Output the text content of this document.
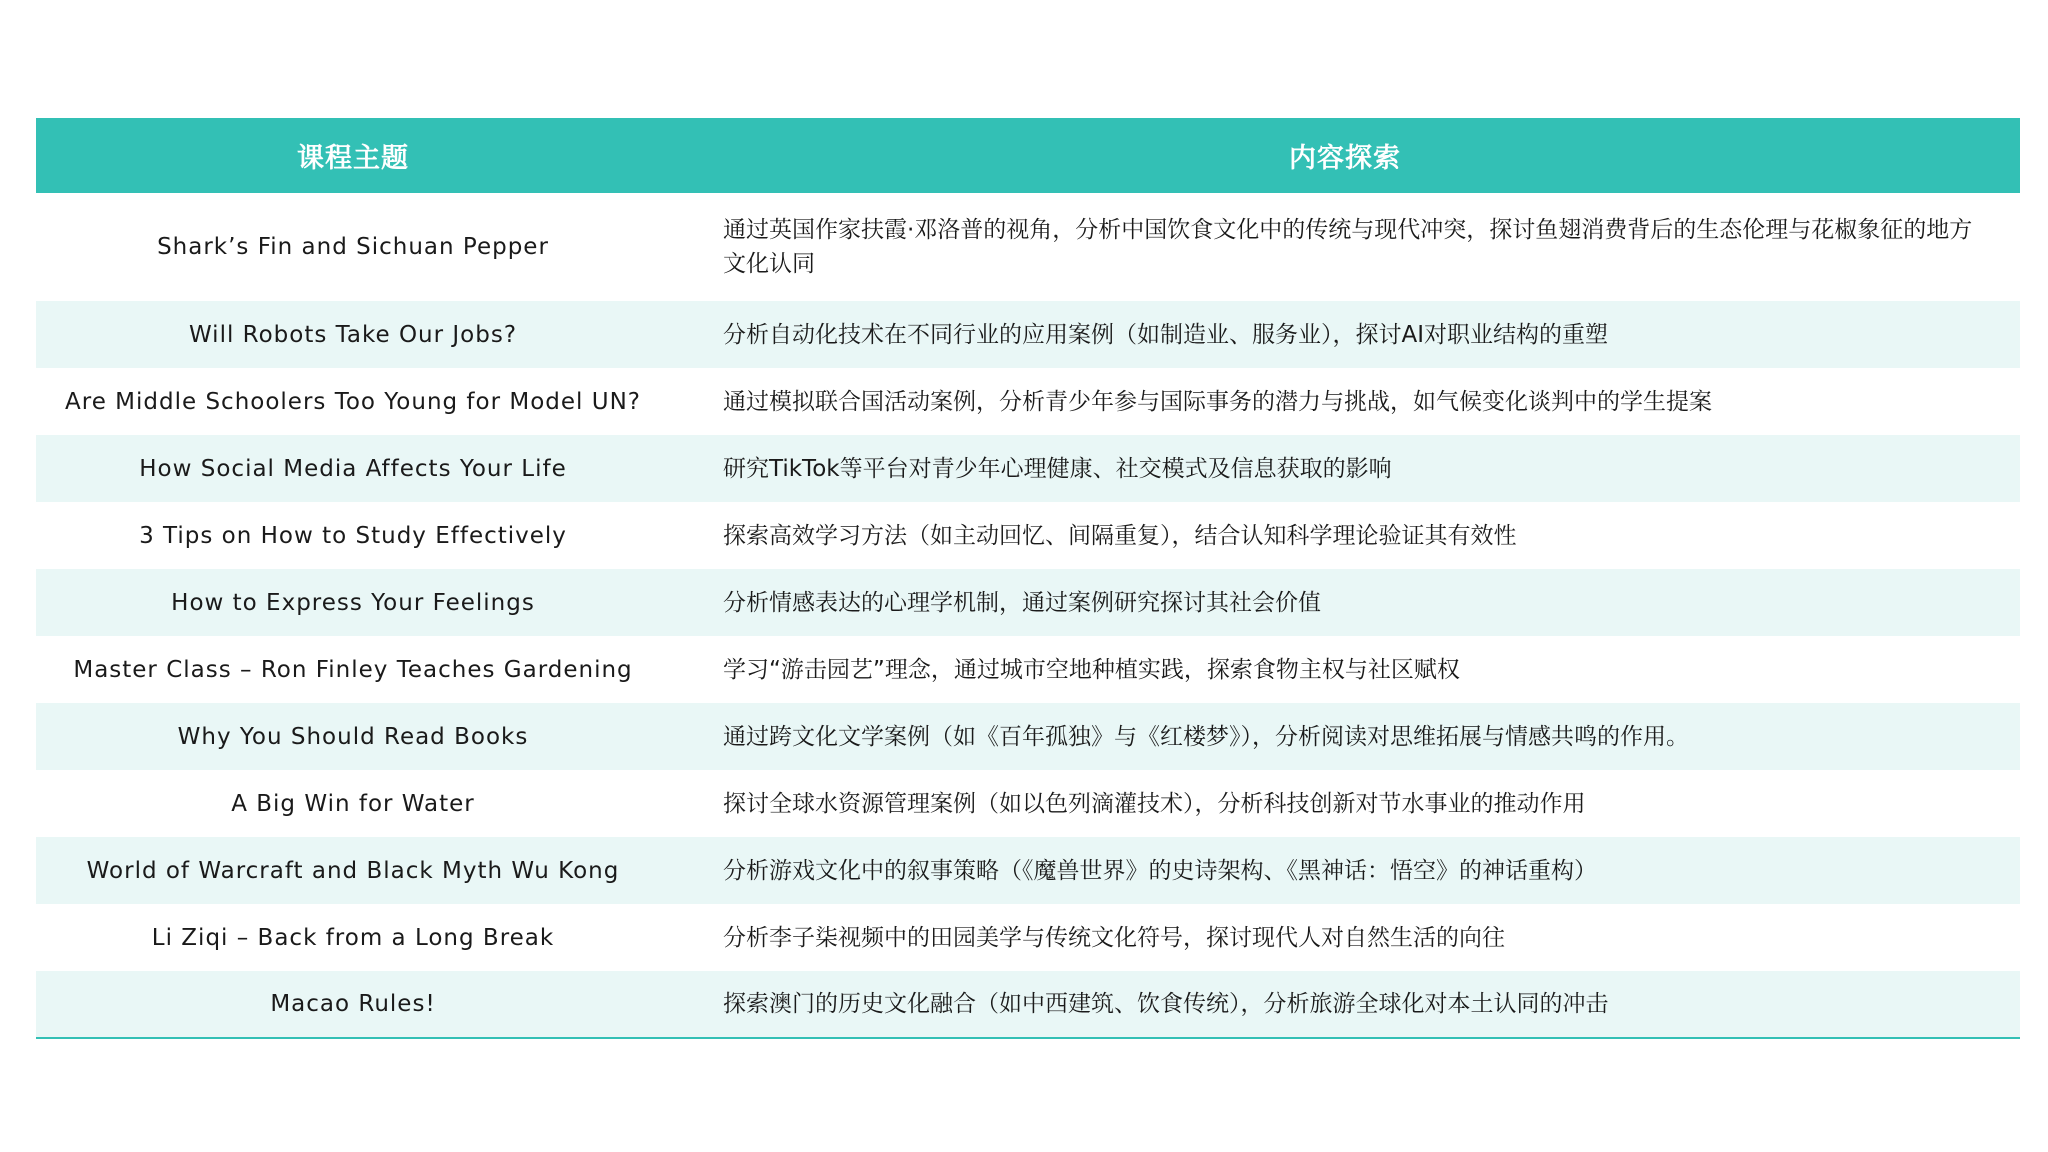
课程主题	内容探索
Shark’s Fin and Sichuan Pepper	通过英国作家扶霞·邓洛普的视角，分析中国饮食文化中的传统与现代冲突，探讨鱼翅消费背后的生态伦理与花椒象征的地方文化认同
Will Robots Take Our Jobs?	分析自动化技术在不同行业的应用案例（如制造业、服务业），探讨AI对职业结构的重塑
Are Middle Schoolers Too Young for Model UN?	通过模拟联合国活动案例，分析青少年参与国际事务的潜力与挑战，如气候变化谈判中的学生提案
How Social Media Affects Your Life	研究TikTok等平台对青少年心理健康、社交模式及信息获取的影响
3 Tips on How to Study Effectively	探索高效学习方法（如主动回忆、间隔重复），结合认知科学理论验证其有效性
How to Express Your Feelings	分析情感表达的心理学机制，通过案例研究探讨其社会价值
Master Class – Ron Finley Teaches Gardening	学习“游击园艺”理念，通过城市空地种植实践，探索食物主权与社区赋权
Why You Should Read Books	通过跨文化文学案例（如《百年孤独》与《红楼梦》），分析阅读对思维拓展与情感共鸣的作用。
A Big Win for Water	探讨全球水资源管理案例（如以色列滴灌技术），分析科技创新对节水事业的推动作用
World of Warcraft and Black Myth Wu Kong	分析游戏文化中的叙事策略（《魔兽世界》的史诗架构、《黑神话：悟空》的神话重构）
Li Ziqi – Back from a Long Break	分析李子柒视频中的田园美学与传统文化符号，探讨现代人对自然生活的向往
Macao Rules!	探索澳门的历史文化融合（如中西建筑、饮食传统），分析旅游全球化对本土认同的冲击
